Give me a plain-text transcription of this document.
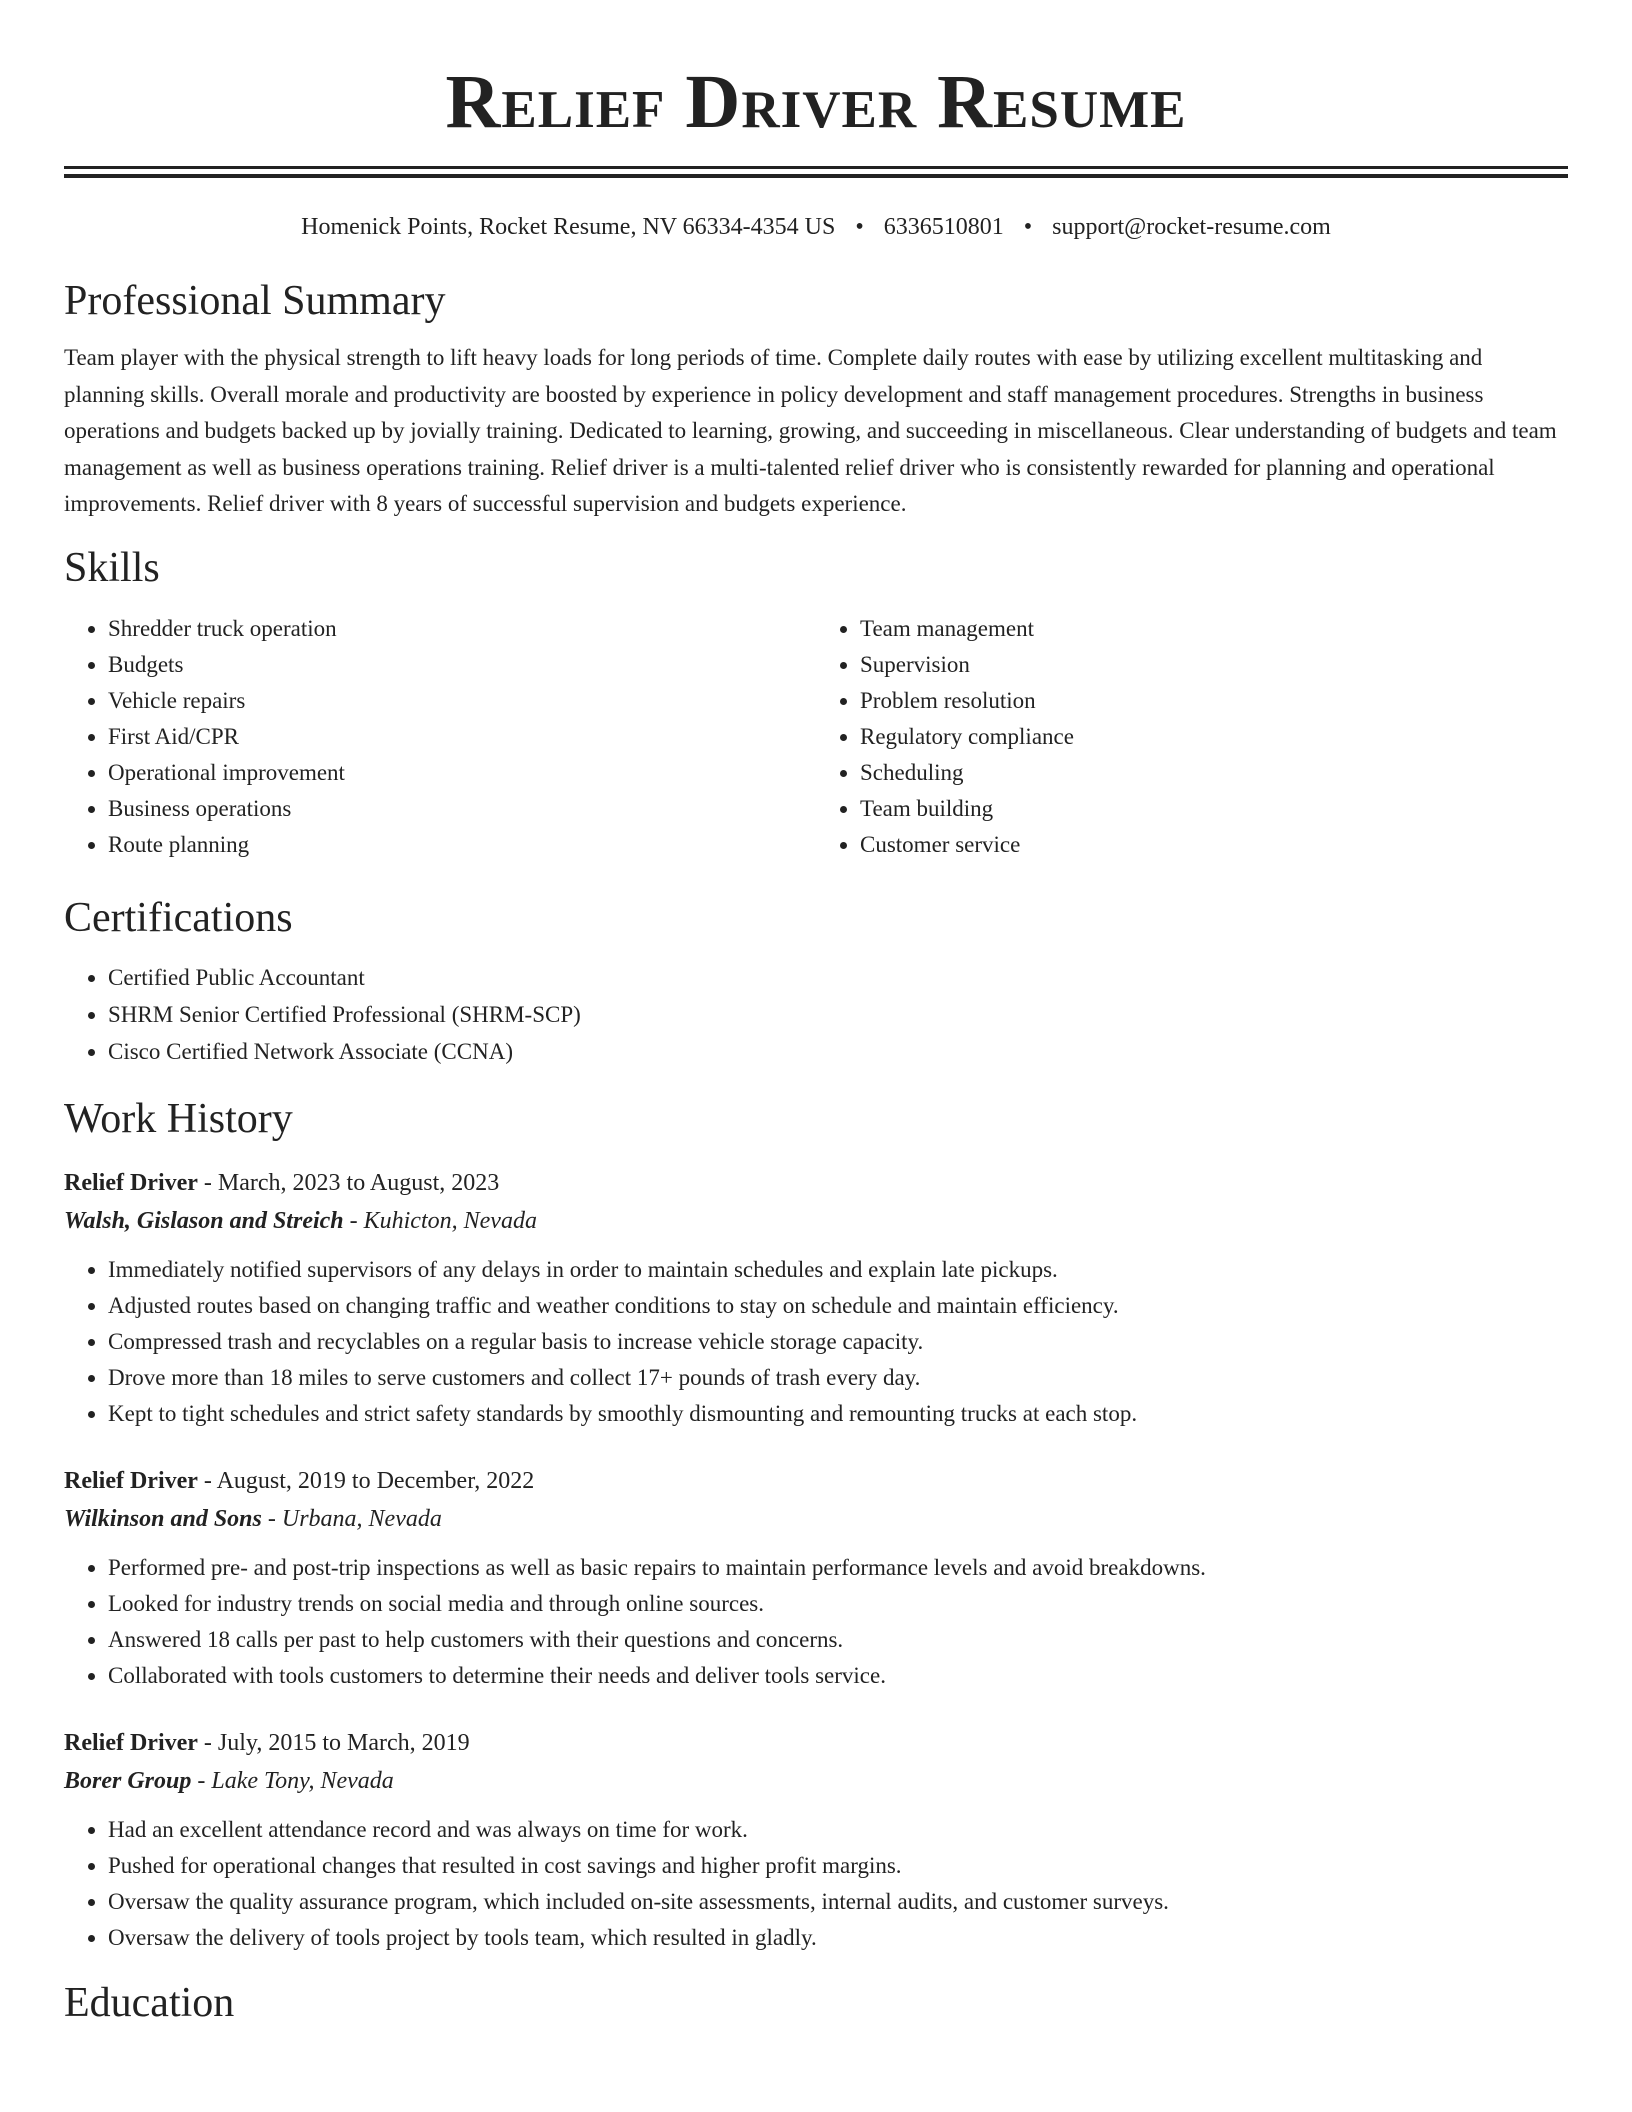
Relief Driver Resume
Homenick Points, Rocket Resume, NV 66334-4354 US • 6336510801 • support@rocket-resume.com
Professional Summary
Team player with the physical strength to lift heavy loads for long periods of time. Complete daily routes with ease by utilizing excellent multitasking and planning skills. Overall morale and productivity are boosted by experience in policy development and staff management procedures. Strengths in business operations and budgets backed up by jovially training. Dedicated to learning, growing, and succeeding in miscellaneous. Clear understanding of budgets and team management as well as business operations training. Relief driver is a multi-talented relief driver who is consistently rewarded for planning and operational improvements. Relief driver with 8 years of successful supervision and budgets experience.
Skills
• Shredder truck operation
• Budgets
• Vehicle repairs
• First Aid/CPR
• Operational improvement
• Business operations
• Route planning
• Team management
• Supervision
• Problem resolution
• Regulatory compliance
• Scheduling
• Team building
• Customer service
Certifications
• Certified Public Accountant
• SHRM Senior Certified Professional (SHRM-SCP)
• Cisco Certified Network Associate (CCNA)
Work History
Relief Driver - March, 2023 to August, 2023
Walsh, Gislason and Streich - Kuhicton, Nevada
• Immediately notified supervisors of any delays in order to maintain schedules and explain late pickups.
• Adjusted routes based on changing traffic and weather conditions to stay on schedule and maintain efficiency.
• Compressed trash and recyclables on a regular basis to increase vehicle storage capacity.
• Drove more than 18 miles to serve customers and collect 17+ pounds of trash every day.
• Kept to tight schedules and strict safety standards by smoothly dismounting and remounting trucks at each stop.
Relief Driver - August, 2019 to December, 2022
Wilkinson and Sons - Urbana, Nevada
• Performed pre- and post-trip inspections as well as basic repairs to maintain performance levels and avoid breakdowns.
• Looked for industry trends on social media and through online sources.
• Answered 18 calls per past to help customers with their questions and concerns.
• Collaborated with tools customers to determine their needs and deliver tools service.
Relief Driver - July, 2015 to March, 2019
Borer Group - Lake Tony, Nevada
• Had an excellent attendance record and was always on time for work.
• Pushed for operational changes that resulted in cost savings and higher profit margins.
• Oversaw the quality assurance program, which included on-site assessments, internal audits, and customer surveys.
• Oversaw the delivery of tools project by tools team, which resulted in gladly.
Education
